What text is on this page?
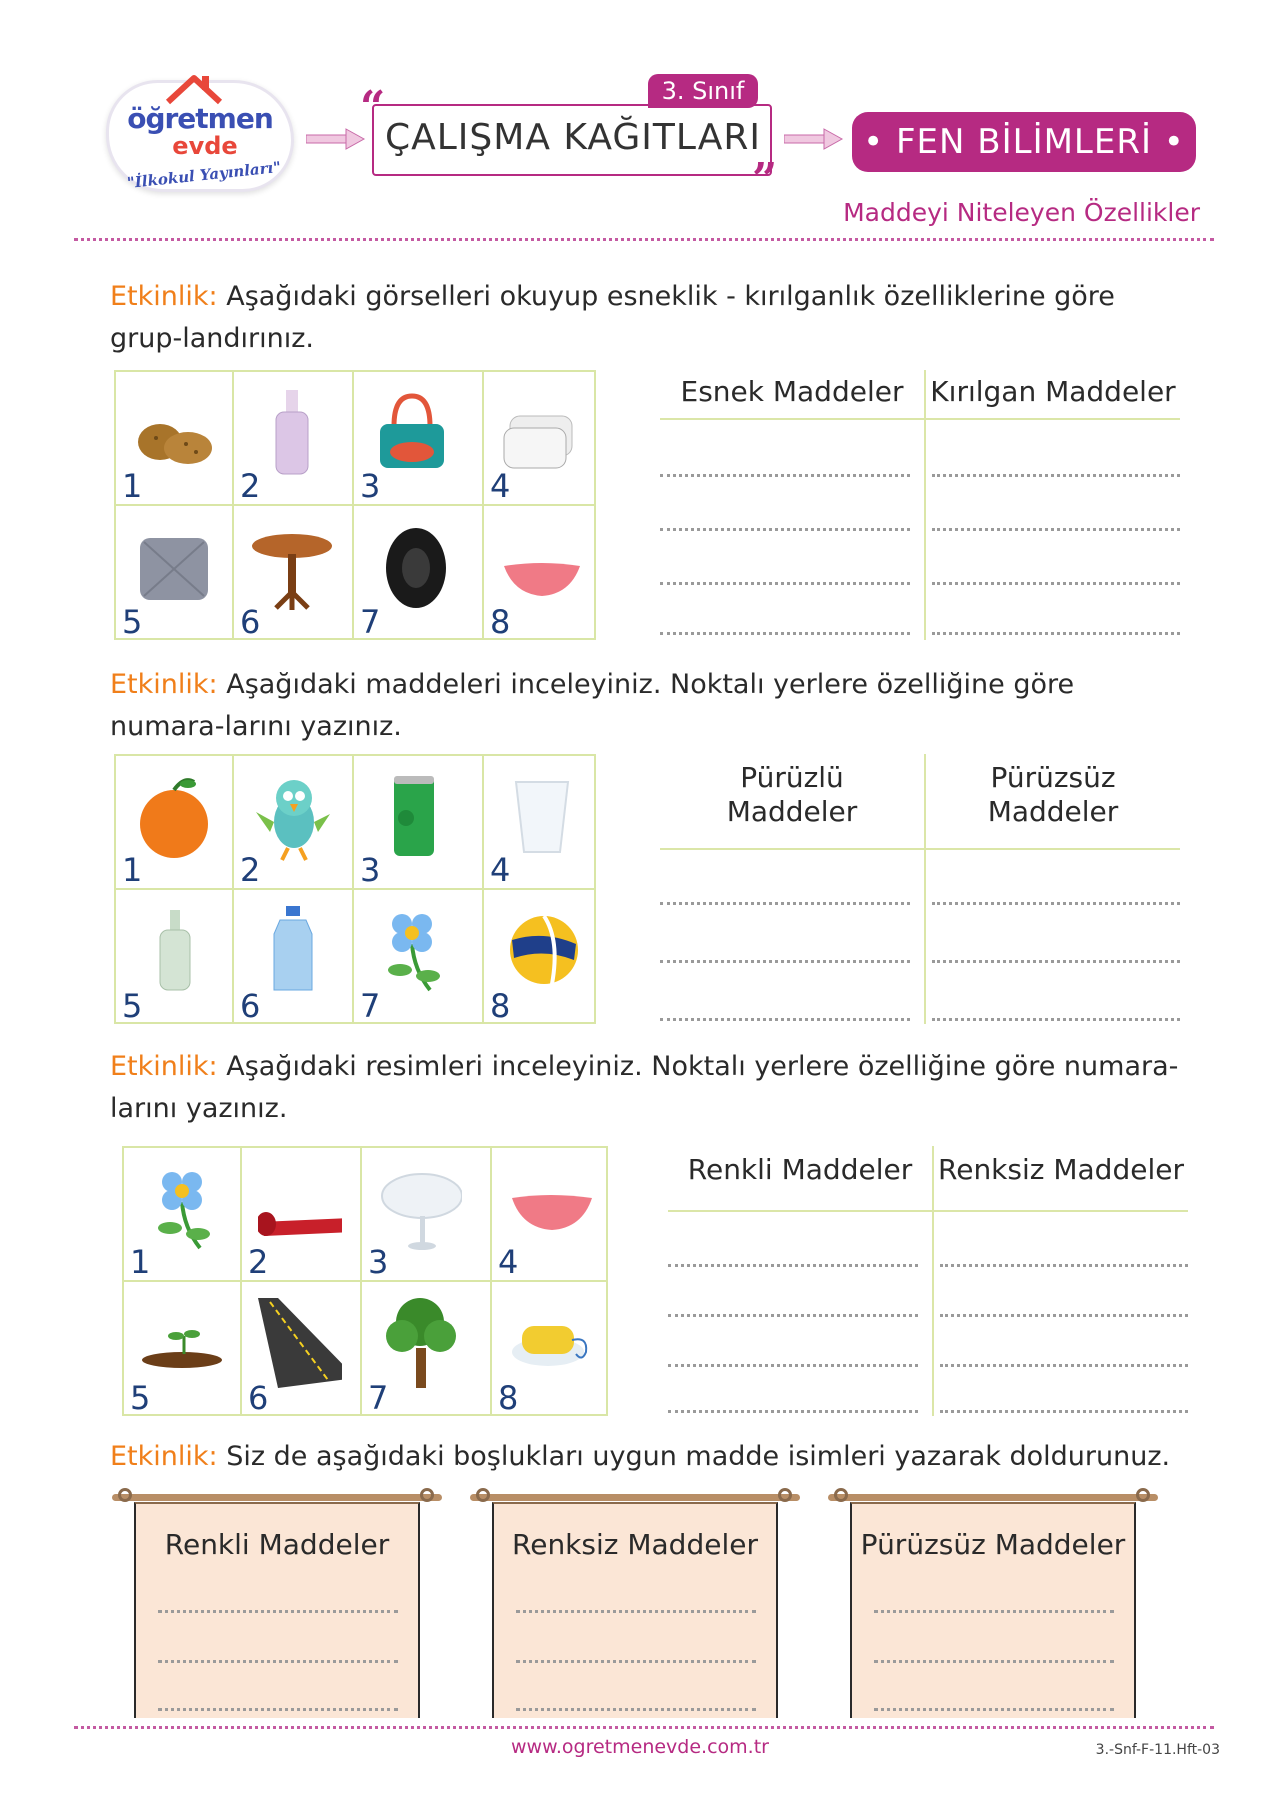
öğretmen
evde
"İlkokul Yayınları"
“	3. Sınıf
ÇALIŞMA KAĞITLARI
”
• FEN BİLİMLERİ •
Maddeyi Niteleyen Özellikler
Etkinlik: Aşağıdaki görselleri okuyup esneklik - kırılganlık özelliklerine göre grup-landırınız.
1	2	3	4
5	6	7	8
Esnek Maddeler Kırılgan Maddeler
Etkinlik: Aşağıdaki maddeleri inceleyiniz. Noktalı yerlere özelliğine göre numara-larını yazınız.
1	2	3	4
5	6	7	8
Pürüzlü
Maddeler
Pürüzsüz
Maddeler
Etkinlik: Aşağıdaki resimleri inceleyiniz. Noktalı yerlere özelliğine göre numara-larını yazınız.
1	2	3	4
5	6	7	8
Renkli Maddeler Renksiz Maddeler
Etkinlik: Siz de aşağıdaki boşlukları uygun madde isimleri yazarak doldurunuz.
Renkli Maddeler	Renksiz Maddeler	Pürüzsüz Maddeler
www.ogretmenevde.com.tr	3.-Snf-F-11.Hft-03
